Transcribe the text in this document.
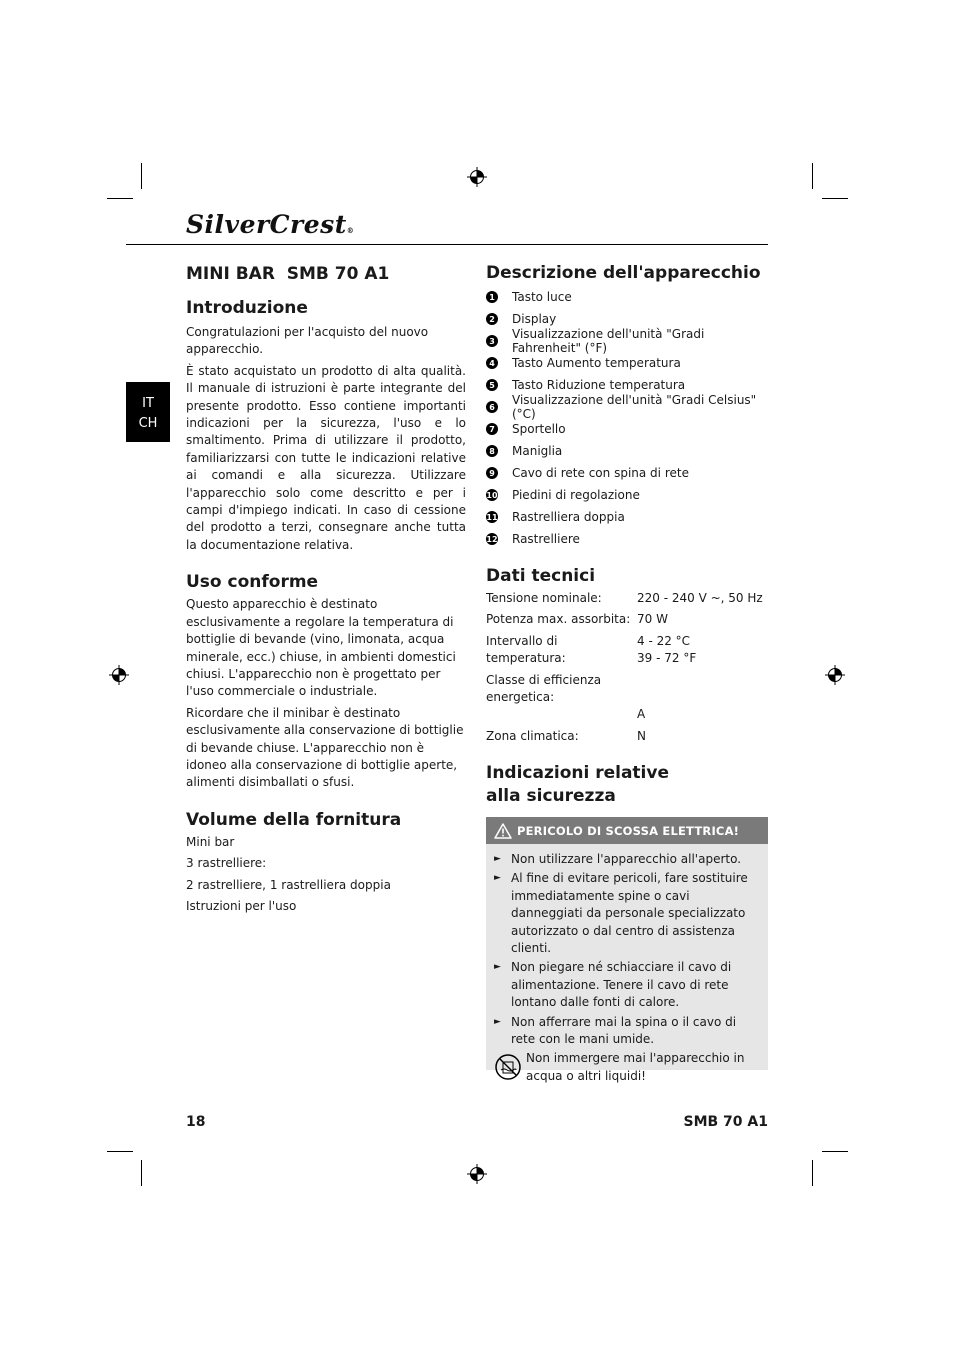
SilverCrest®
IT
CH
MINI BAR  SMB 70 A1
Introduzione

Congratulazioni per l'acquisto del nuovo apparecchio.

È stato acquistato un prodotto di alta qualità. Il manuale di istruzioni è parte integrante del presente prodotto. Esso contiene importanti indicazioni per la sicurezza, l'uso e lo smaltimento. Prima di utilizzare il prodotto, familiarizzarsi con tutte le indicazioni relative ai comandi e alla sicurezza. Utilizzare l'apparecchio solo come descritto e per i campi d'impiego indicati. In caso di cessione del prodotto a terzi, consegnare anche tutta la documentazione relativa.

Uso conforme

Questo apparecchio è destinato esclusivamente a regolare la temperatura di bottiglie di bevande (vino, limonata, acqua minerale, ecc.) chiuse, in ambienti domestici chiusi. L'apparecchio non è progettato per l'uso commerciale o industriale.

Ricordare che il minibar è destinato esclusivamente alla conservazione di bottiglie di bevande chiuse. L'apparecchio non è idoneo alla conservazione di bottiglie aperte, alimenti disimballati o sfusi.

Volume della fornitura

Mini bar

3 rastrelliere:

2 rastrelliere, 1 rastrelliera doppia

Istruzioni per l'uso

Descrizione dell'apparecchio
1 Tasto luce
2 Display
3 Visualizzazione dell'unità "Gradi Fahrenheit" (°F)
4 Tasto Aumento temperatura
5 Tasto Riduzione temperatura
6 Visualizzazione dell'unità "Gradi Celsius" (°C)
7 Sportello
8 Maniglia
9 Cavo di rete con spina di rete
10 Piedini di regolazione
11 Rastrelliera doppia
12 Rastrelliere
Dati tecnici
Tensione nominale:	220 - 240 V ~, 50 Hz
Potenza max. assorbita: 70 W
Intervallo di temperatura:
4 - 22 °C
39 - 72 °F
Classe di efficienza
energetica:
A
Zona climatica:	N
Indicazioni relative
alla sicurezza
PERICOLO DI SCOSSA ELETTRICA!
► Non utilizzare l'apparecchio all'aperto.
► Al fine di evitare pericoli, fare sostituire immediatamente spine o cavi danneggiati da personale specializzato autorizzato o dal centro di assistenza clienti.
► Non piegare né schiacciare il cavo di alimentazione. Tenere il cavo di rete lontano dalle fonti di calore.
► Non afferrare mai la spina o il cavo di rete con le mani umide.
Non immergere mai l'apparecchio in acqua o altri liquidi!
18	SMB 70 A1
